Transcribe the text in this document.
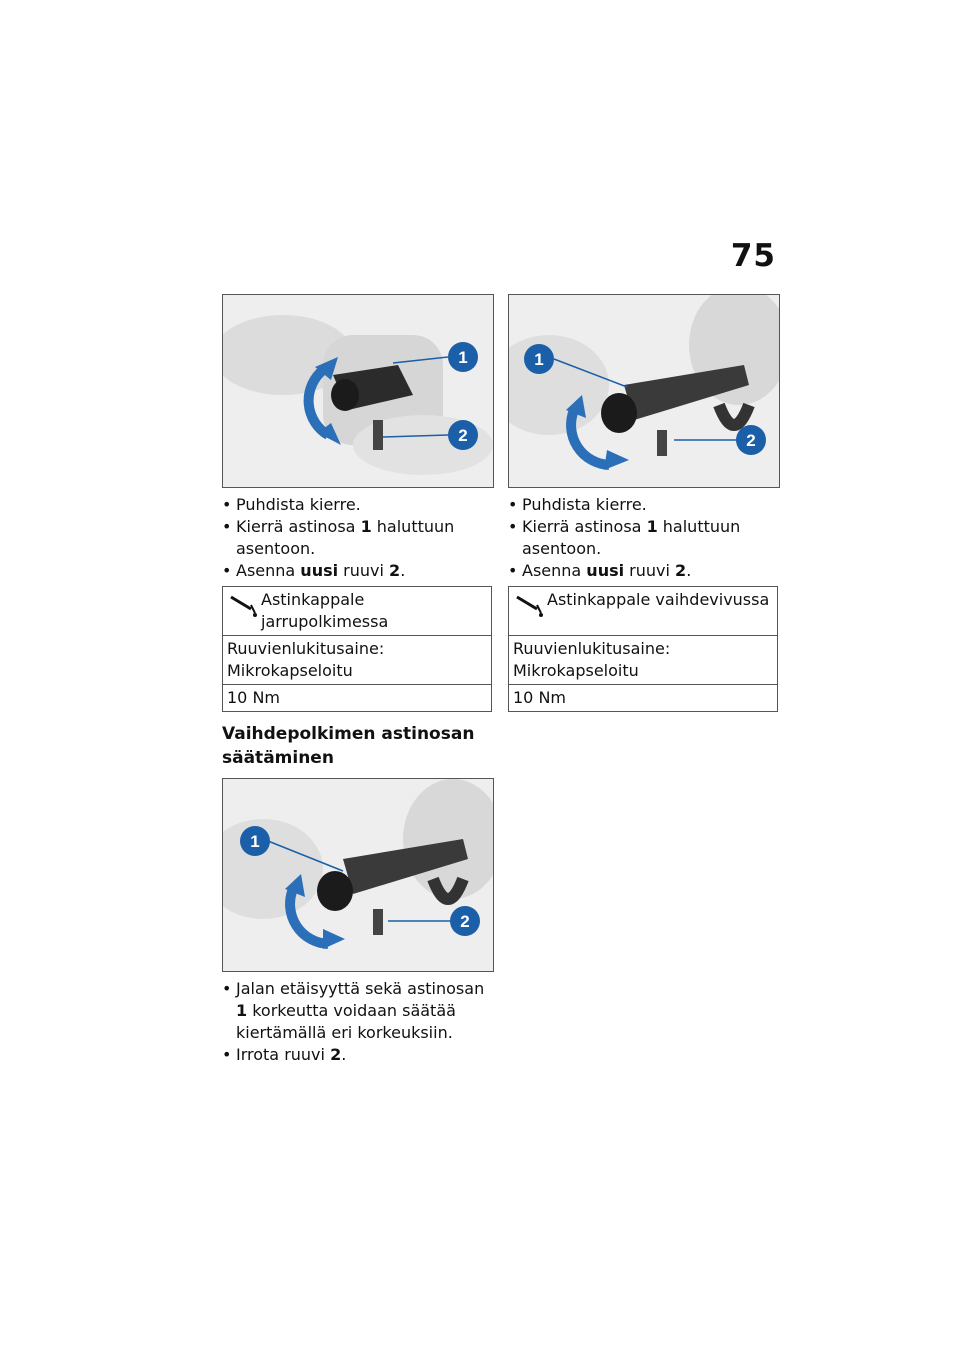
75
1
2
• Puhdista kierre.
• Kierrä astinosa 1 haluttuun asentoon.
• Asenna uusi ruuvi 2.
Astinkappale jarrupolkimessa
Ruuvienlukitusaine: Mikrokapseloitu
10 Nm
Vaihdepolkimen astinosan säätäminen
1
2
• Jalan etäisyyttä sekä astinosan 1 korkeutta voidaan säätää kiertämällä eri korkeuksiin.
• Irrota ruuvi 2.
1
2
• Puhdista kierre.
• Kierrä astinosa 1 haluttuun asentoon.
• Asenna uusi ruuvi 2.
Astinkappale vaihdevivussa
Ruuvienlukitusaine: Mikrokapseloitu
10 Nm
